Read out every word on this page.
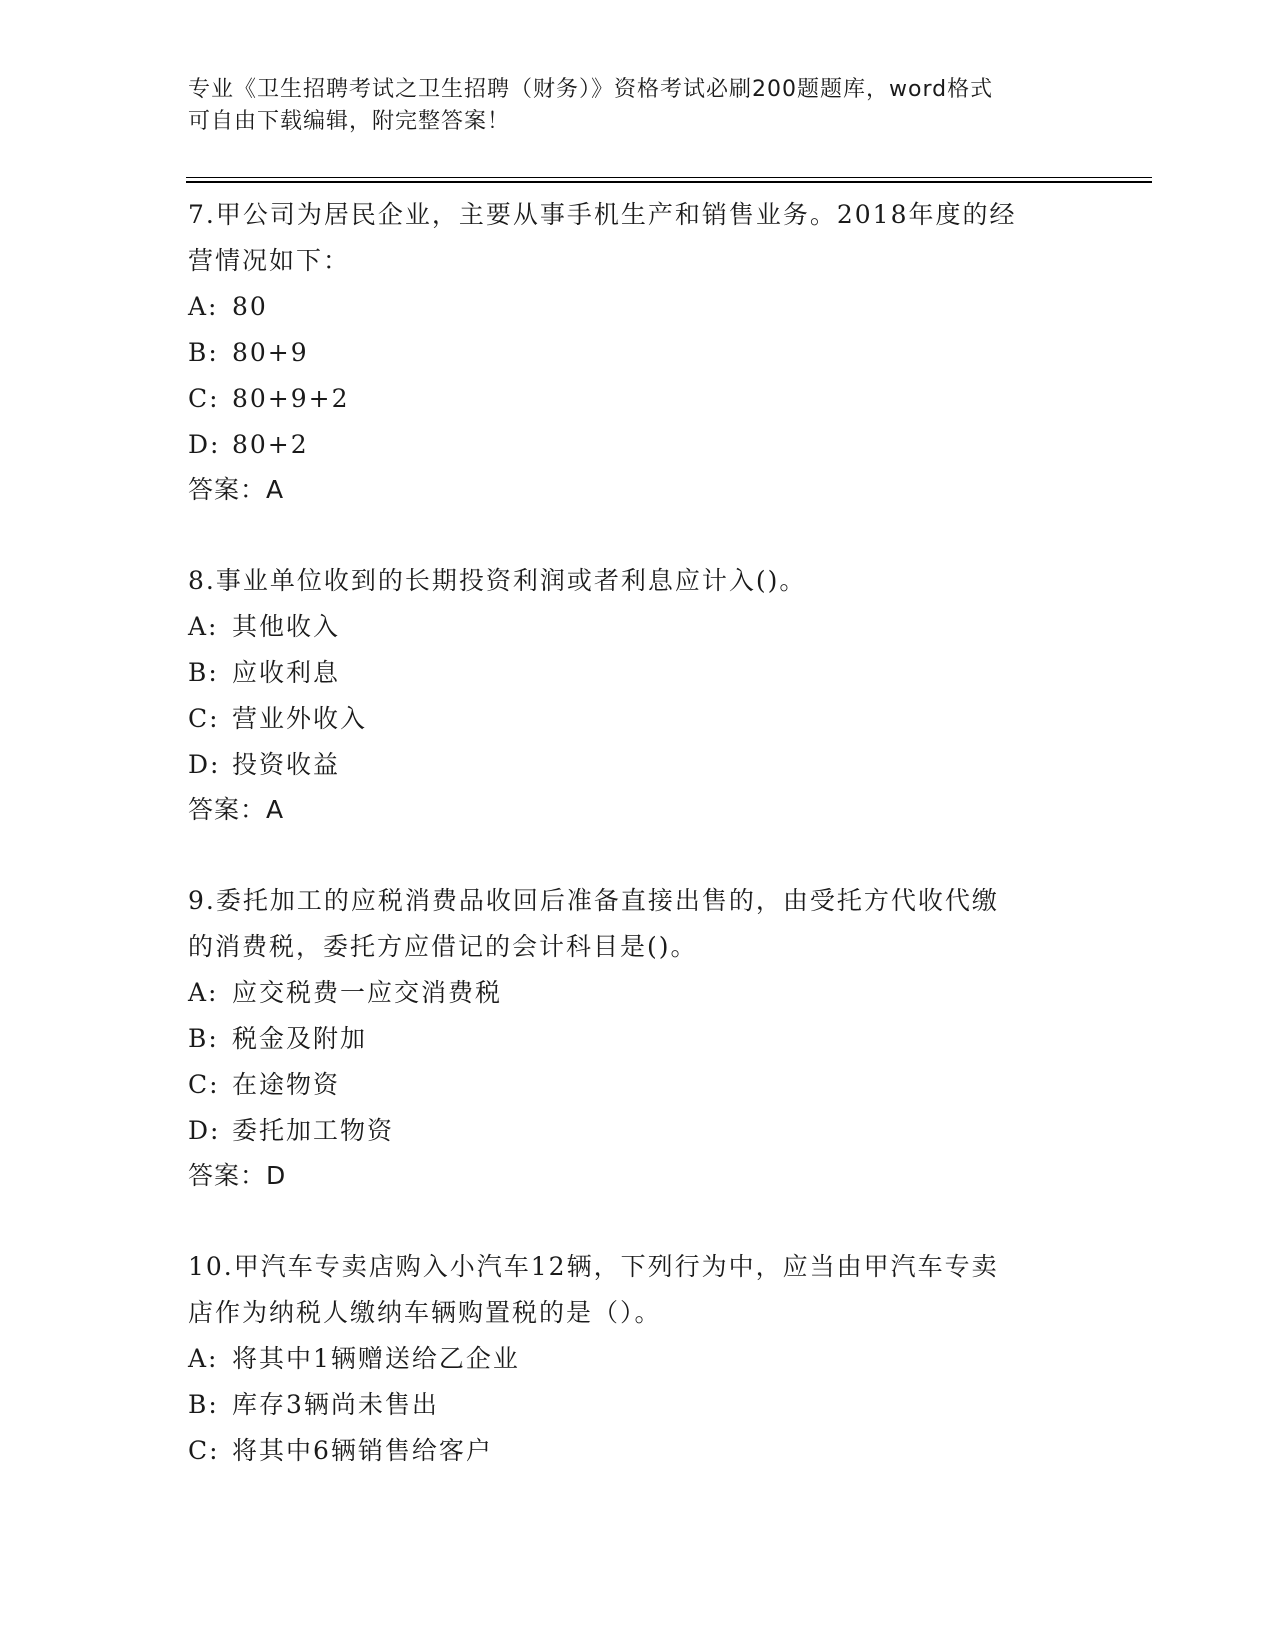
专业《卫生招聘考试之卫生招聘（财务）》资格考试必刷200题题库，word格式
可自由下载编辑，附完整答案！

7.甲公司为居民企业，主要从事手机生产和销售业务。2018年度的经

营情况如下：

A: 80

B: 80+9

C: 80+9+2

D: 80+2

答案：A

8.事业单位收到的长期投资利润或者利息应计入()。

A: 其他收入

B: 应收利息

C: 营业外收入

D: 投资收益

答案：A

9.委托加工的应税消费品收回后准备直接出售的，由受托方代收代缴

的消费税，委托方应借记的会计科目是()。

A: 应交税费一应交消费税

B: 税金及附加

C: 在途物资

D: 委托加工物资

答案：D

10.甲汽车专卖店购入小汽车12辆，下列行为中，应当由甲汽车专卖

店作为纳税人缴纳车辆购置税的是（）。

A: 将其中1辆赠送给乙企业

B: 库存3辆尚未售出

C: 将其中6辆销售给客户
